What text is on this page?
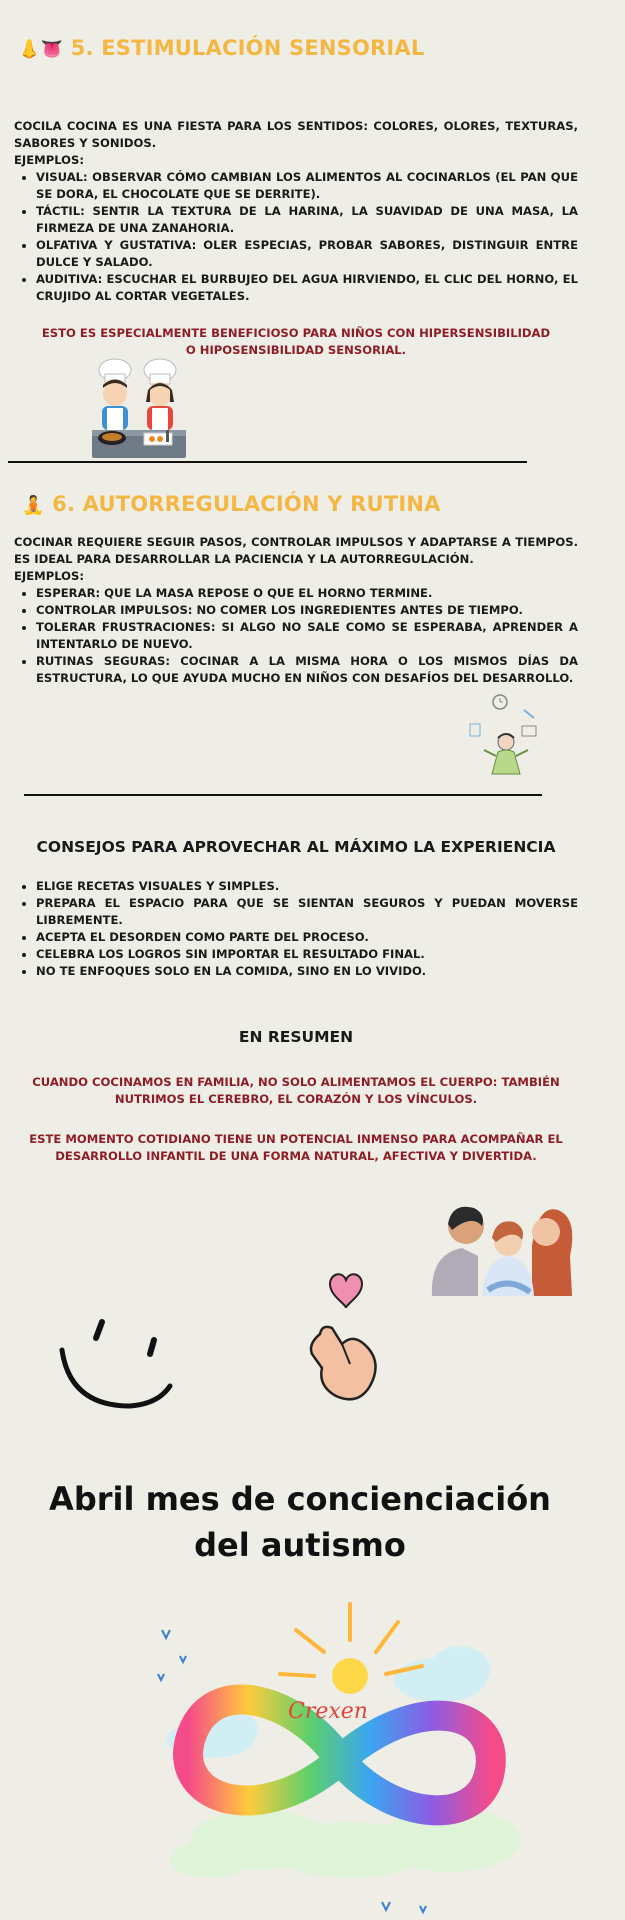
👃👅 5. ESTIMULACIÓN SENSORIAL
COCILA COCINA ES UNA FIESTA PARA LOS SENTIDOS: COLORES, OLORES, TEXTURAS, SABORES Y SONIDOS.
EJEMPLOS:
• VISUAL: OBSERVAR CÓMO CAMBIAN LOS ALIMENTOS AL COCINARLOS (EL PAN QUE SE DORA, EL CHOCOLATE QUE SE DERRITE).
• TÁCTIL: SENTIR LA TEXTURA DE LA HARINA, LA SUAVIDAD DE UNA MASA, LA FIRMEZA DE UNA ZANAHORIA.
• OLFATIVA Y GUSTATIVA: OLER ESPECIAS, PROBAR SABORES, DISTINGUIR ENTRE DULCE Y SALADO.
• AUDITIVA: ESCUCHAR EL BURBUJEO DEL AGUA HIRVIENDO, EL CLIC DEL HORNO, EL CRUJIDO AL CORTAR VEGETALES.
ESTO ES ESPECIALMENTE BENEFICIOSO PARA NIÑOS CON HIPERSENSIBILIDAD O HIPOSENSIBILIDAD SENSORIAL.
🧘 6. AUTORREGULACIÓN Y RUTINA
COCINAR REQUIERE SEGUIR PASOS, CONTROLAR IMPULSOS Y ADAPTARSE A TIEMPOS. ES IDEAL PARA DESARROLLAR LA PACIENCIA Y LA AUTORREGULACIÓN.
EJEMPLOS:
• ESPERAR: QUE LA MASA REPOSE O QUE EL HORNO TERMINE.
• CONTROLAR IMPULSOS: NO COMER LOS INGREDIENTES ANTES DE TIEMPO.
• TOLERAR FRUSTRACIONES: SI ALGO NO SALE COMO SE ESPERABA, APRENDER A INTENTARLO DE NUEVO.
• RUTINAS SEGURAS: COCINAR A LA MISMA HORA O LOS MISMOS DÍAS DA ESTRUCTURA, LO QUE AYUDA MUCHO EN NIÑOS CON DESAFÍOS DEL DESARROLLO.
CONSEJOS PARA APROVECHAR AL MÁXIMO LA EXPERIENCIA
• ELIGE RECETAS VISUALES Y SIMPLES.
• PREPARA EL ESPACIO PARA QUE SE SIENTAN SEGUROS Y PUEDAN MOVERSE LIBREMENTE.
• ACEPTA EL DESORDEN COMO PARTE DEL PROCESO.
• CELEBRA LOS LOGROS SIN IMPORTAR EL RESULTADO FINAL.
• NO TE ENFOQUES SOLO EN LA COMIDA, SINO EN LO VIVIDO.
EN RESUMEN
CUANDO COCINAMOS EN FAMILIA, NO SOLO ALIMENTAMOS EL CUERPO: TAMBIÉN NUTRIMOS EL CEREBRO, EL CORAZÓN Y LOS VÍNCULOS.
ESTE MOMENTO COTIDIANO TIENE UN POTENCIAL INMENSO PARA ACOMPAÑAR EL DESARROLLO INFANTIL DE UNA FORMA NATURAL, AFECTIVA Y DIVERTIDA.
Abril mes de concienciación del autismo
Crexen
